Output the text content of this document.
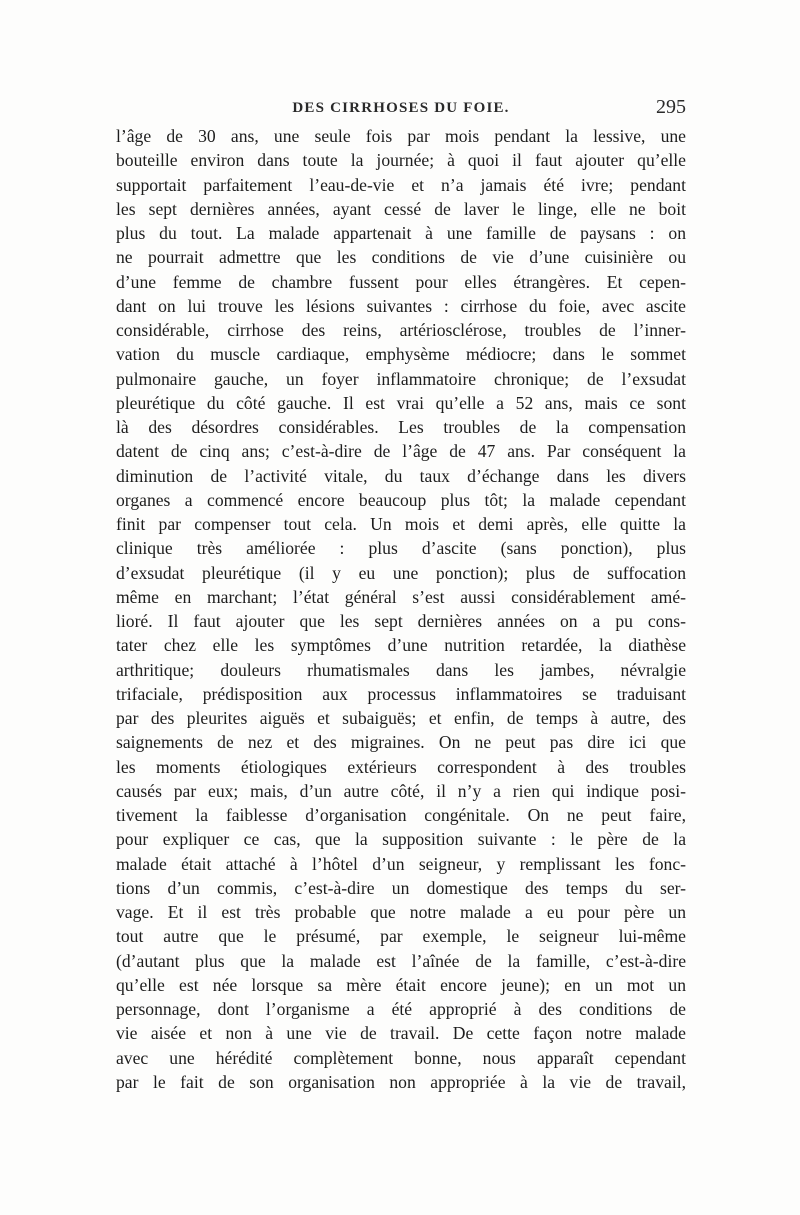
DES CIRRHOSES DU FOIE.	295
l’âge de 30 ans, une seule fois par mois pendant la lessive, une
bouteille environ dans toute la journée; à quoi il faut ajouter qu’elle
supportait parfaitement l’eau-de-vie et n’a jamais été ivre; pendant
les sept dernières années, ayant cessé de laver le linge, elle ne boit
plus du tout. La malade appartenait à une famille de paysans : on
ne pourrait admettre que les conditions de vie d’une cuisinière ou
d’une femme de chambre fussent pour elles étrangères. Et cepen-
dant on lui trouve les lésions suivantes : cirrhose du foie, avec ascite
considérable, cirrhose des reins, artériosclérose, troubles de l’inner-
vation du muscle cardiaque, emphysème médiocre; dans le sommet
pulmonaire gauche, un foyer inflammatoire chronique; de l’exsudat
pleurétique du côté gauche. Il est vrai qu’elle a 52 ans, mais ce sont
là des désordres considérables. Les troubles de la compensation
datent de cinq ans; c’est-à-dire de l’âge de 47 ans. Par conséquent la
diminution de l’activité vitale, du taux d’échange dans les divers
organes a commencé encore beaucoup plus tôt; la malade cependant
finit par compenser tout cela. Un mois et demi après, elle quitte la
clinique très améliorée : plus d’ascite (sans ponction), plus
d’exsudat pleurétique (il y eu une ponction); plus de suffocation
même en marchant; l’état général s’est aussi considérablement amé-
lioré. Il faut ajouter que les sept dernières années on a pu cons-
tater chez elle les symptômes d’une nutrition retardée, la diathèse
arthritique; douleurs rhumatismales dans les jambes, névralgie
trifaciale, prédisposition aux processus inflammatoires se traduisant
par des pleurites aiguës et subaiguës; et enfin, de temps à autre, des
saignements de nez et des migraines. On ne peut pas dire ici que
les moments étiologiques extérieurs correspondent à des troubles
causés par eux; mais, d’un autre côté, il n’y a rien qui indique posi-
tivement la faiblesse d’organisation congénitale. On ne peut faire,
pour expliquer ce cas, que la supposition suivante : le père de la
malade était attaché à l’hôtel d’un seigneur, y remplissant les fonc-
tions d’un commis, c’est-à-dire un domestique des temps du ser-
vage. Et il est très probable que notre malade a eu pour père un
tout autre que le présumé, par exemple, le seigneur lui-même
(d’autant plus que la malade est l’aînée de la famille, c’est-à-dire
qu’elle est née lorsque sa mère était encore jeune); en un mot un
personnage, dont l’organisme a été approprié à des conditions de
vie aisée et non à une vie de travail. De cette façon notre malade
avec une hérédité complètement bonne, nous apparaît cependant
par le fait de son organisation non appropriée à la vie de travail,
